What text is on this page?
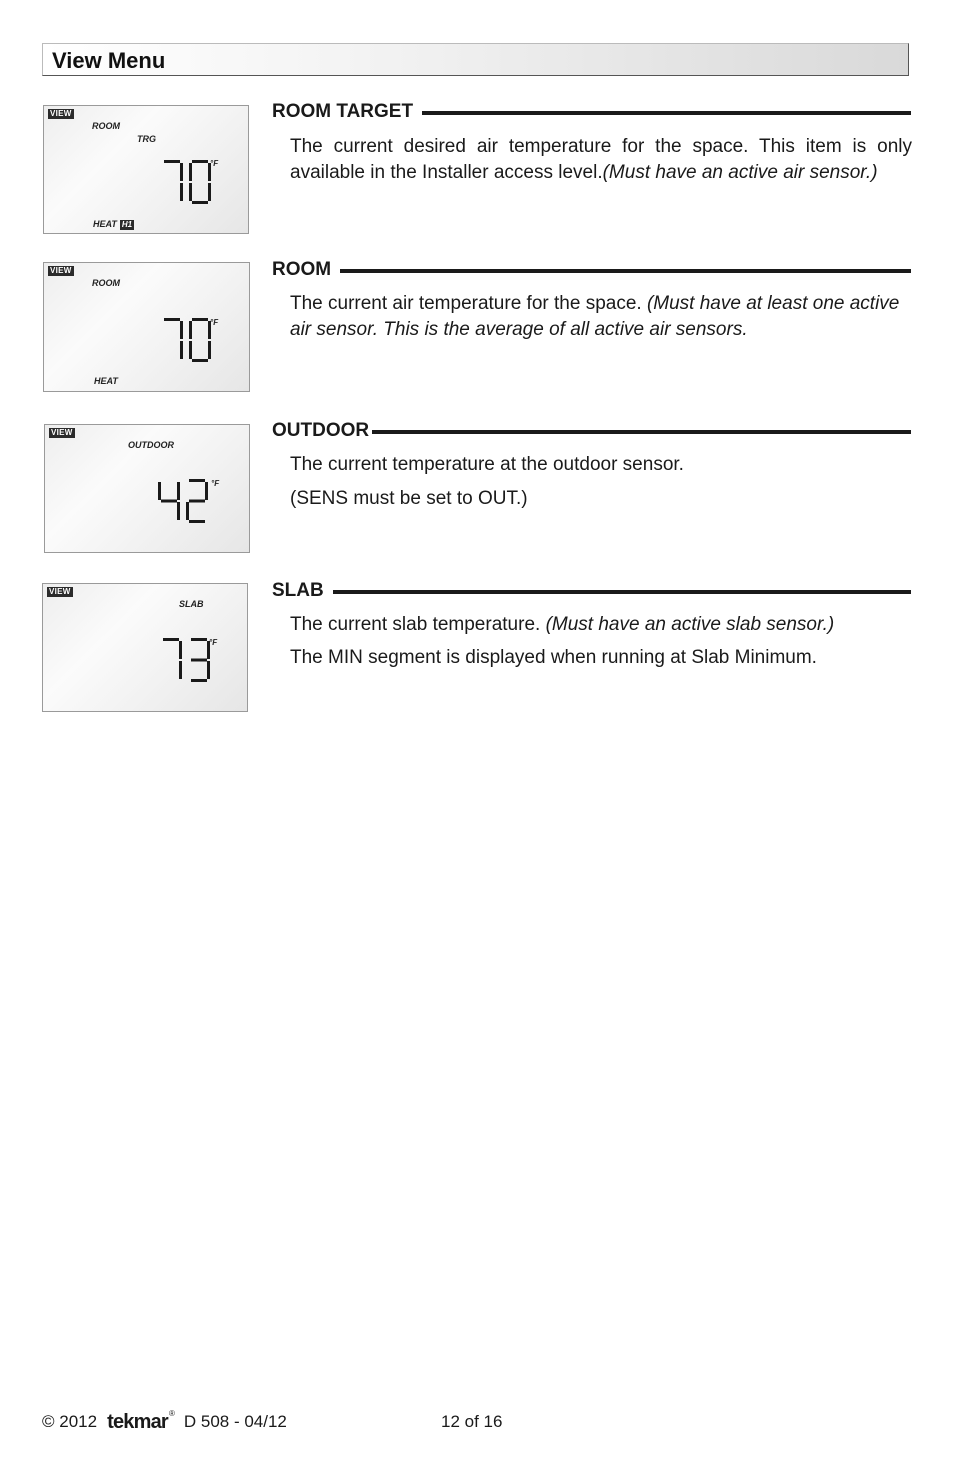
View Menu
VIEW
ROOM
TRG
°F
HEAT H1
ROOM TARGET

The current desired air temperature for the space. This item is only available in the Installer access level.(Must have an active air sensor.)

VIEW
ROOM
°F
HEAT
ROOM

The current air temperature for the space. (Must have at least one active air sensor. This is the average of all active air sensors.

VIEW
OUTDOOR
°F
OUTDOOR

The current temperature at the outdoor sensor.

(SENS must be set to OUT.)

VIEW
SLAB
°F
SLAB

The current slab temperature. (Must have an active slab sensor.)

The MIN segment is displayed when running at Slab Minimum.

© 2012 tekmar ® D 508 - 04/12	12 of 16
